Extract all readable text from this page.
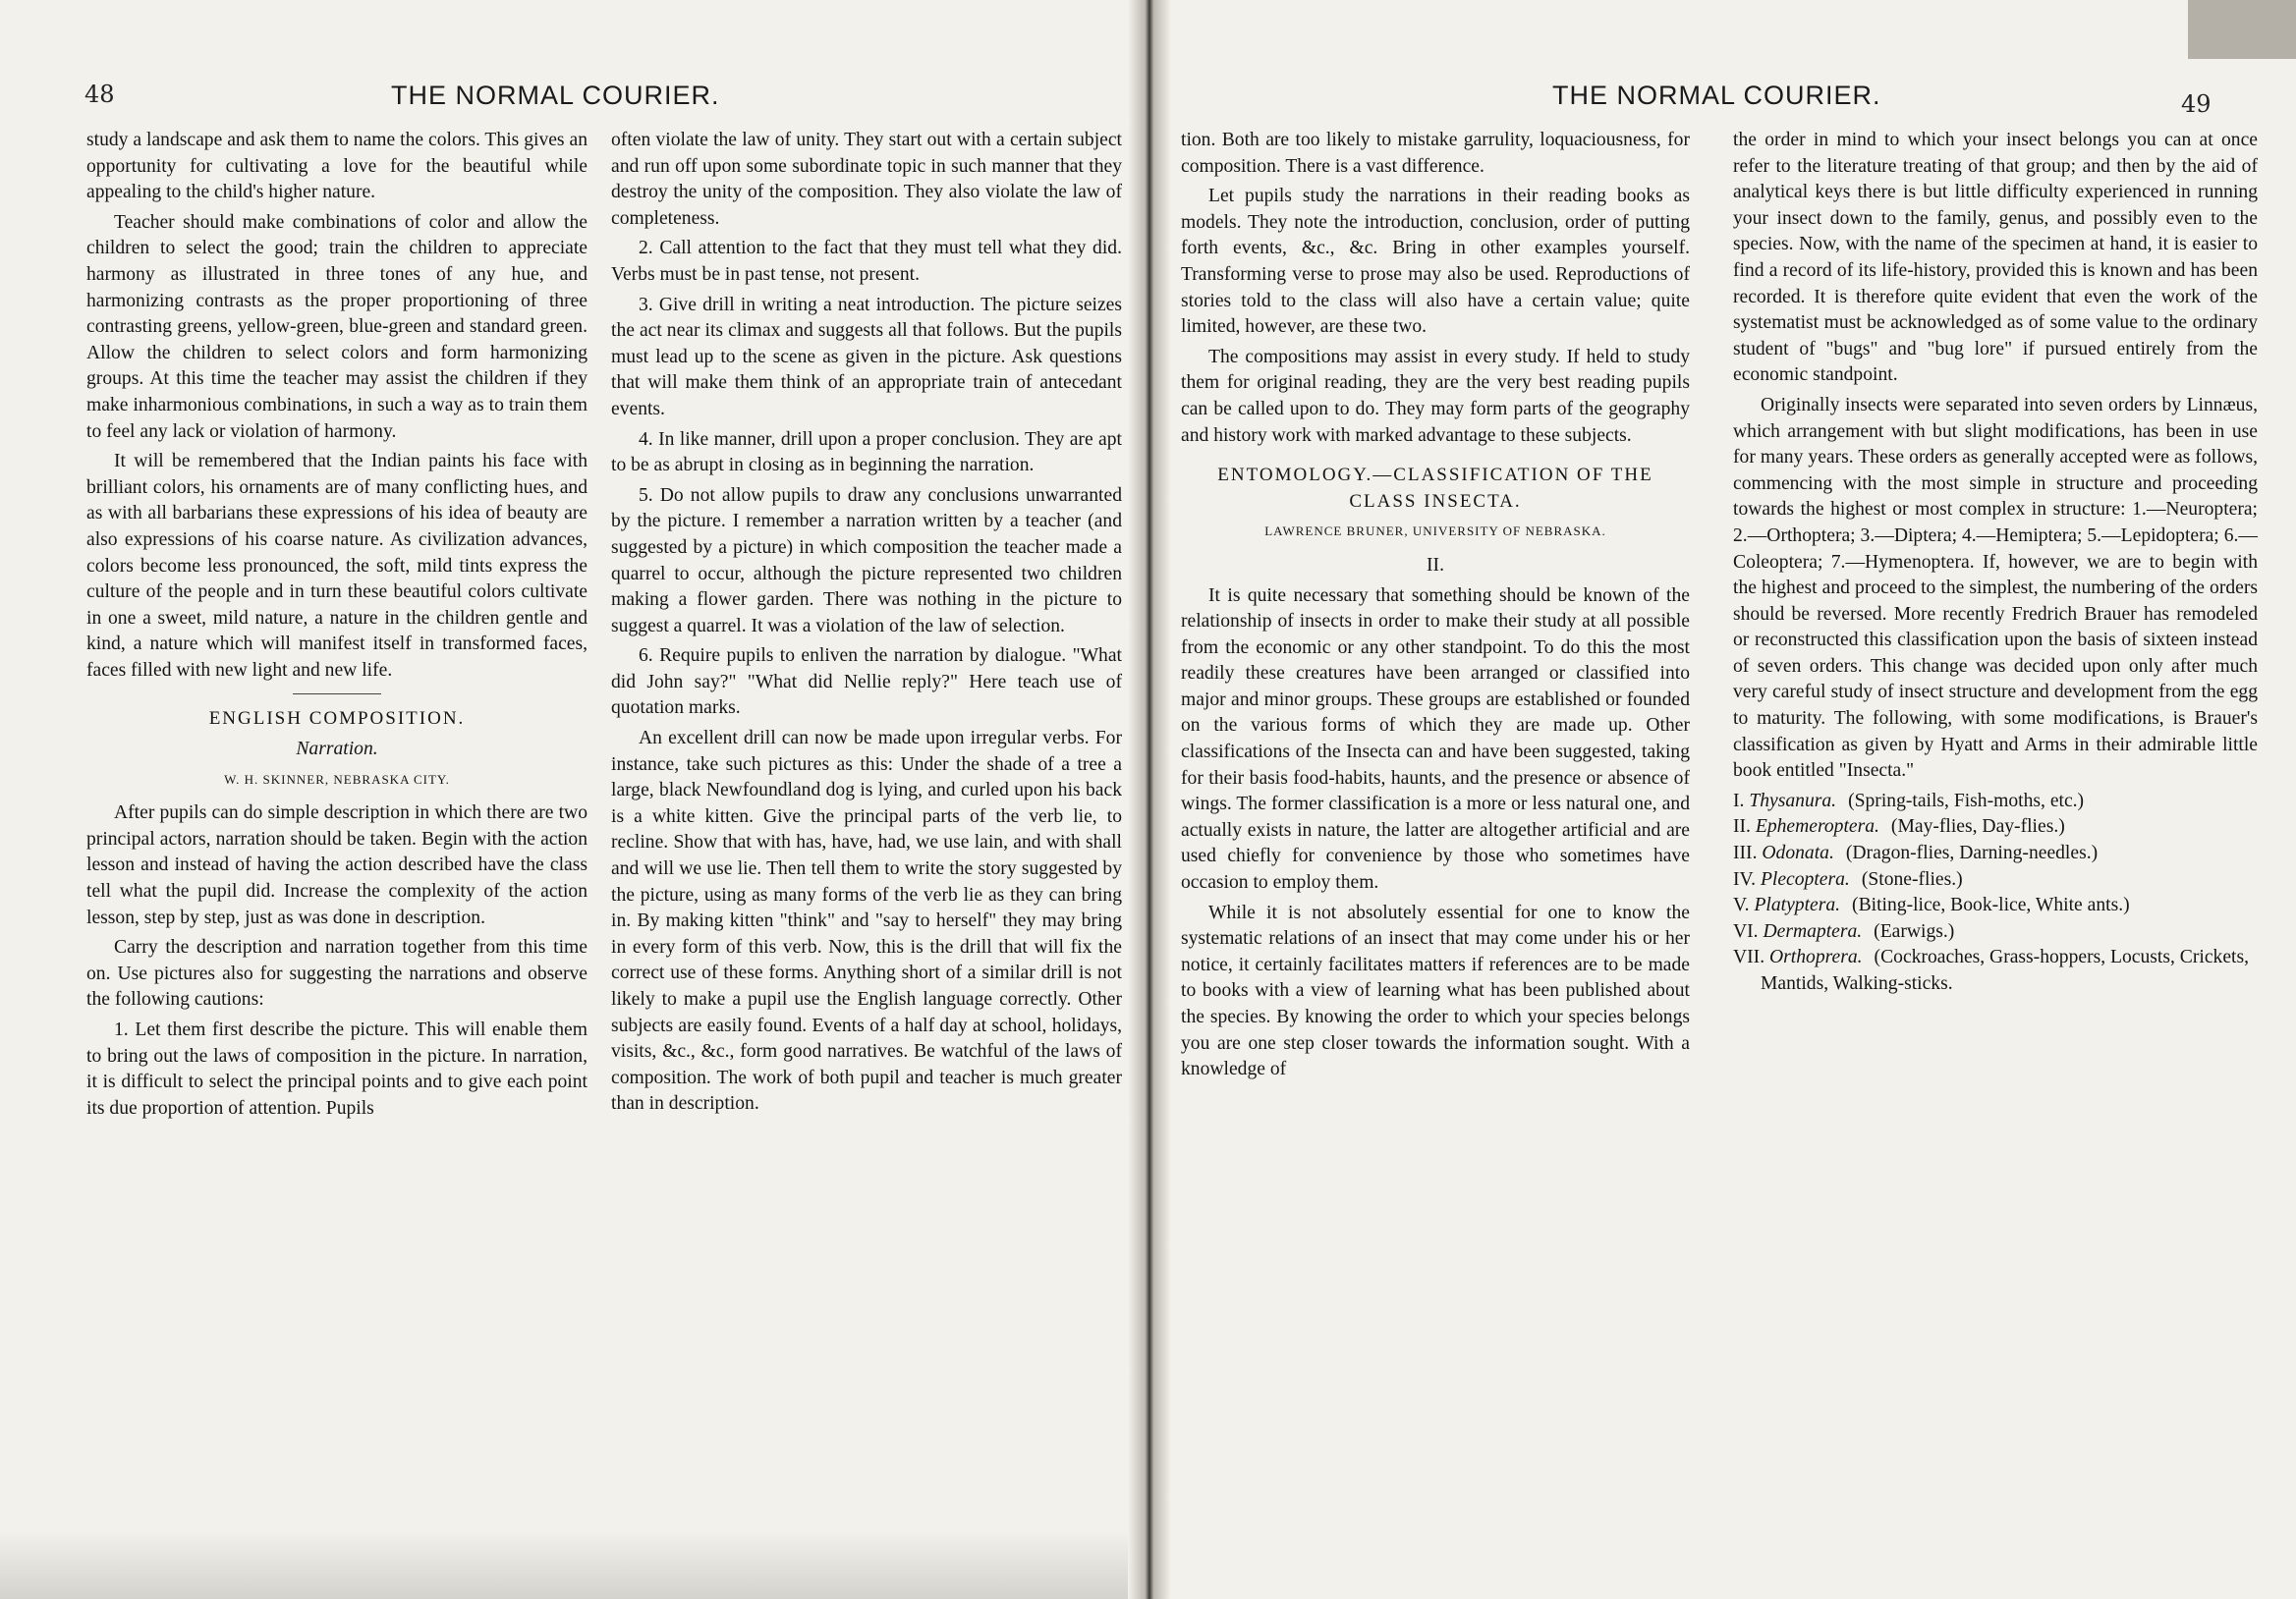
48	THE NORMAL COURIER.

study a landscape and ask them to name the colors. This gives an opportunity for cultivating a love for the beautiful while appealing to the child's higher nature.

Teacher should make combinations of color and allow the children to select the good; train the children to appreciate harmony as illustrated in three tones of any hue, and harmonizing contrasts as the proper proportioning of three contrasting greens, yellow-green, blue-green and standard green. Allow the children to select colors and form harmonizing groups. At this time the teacher may assist the children if they make inharmonious combinations, in such a way as to train them to feel any lack or violation of harmony.

It will be remembered that the Indian paints his face with brilliant colors, his ornaments are of many conflicting hues, and as with all barbarians these expressions of his idea of beauty are also expressions of his coarse nature. As civilization advances, colors become less pronounced, the soft, mild tints express the culture of the people and in turn these beautiful colors cultivate in one a sweet, mild nature, a nature in the children gentle and kind, a nature which will manifest itself in transformed faces, faces filled with new light and new life.

ENGLISH COMPOSITION.
Narration.
W. H. SKINNER, NEBRASKA CITY.

After pupils can do simple description in which there are two principal actors, narration should be taken. Begin with the action lesson and instead of having the action described have the class tell what the pupil did. Increase the complexity of the action lesson, step by step, just as was done in description.

Carry the description and narration together from this time on. Use pictures also for suggesting the narrations and observe the following cautions:

1. Let them first describe the picture. This will enable them to bring out the laws of composition in the picture. In narration, it is difficult to select the principal points and to give each point its due proportion of attention. Pupils

often violate the law of unity. They start out with a certain subject and run off upon some subordinate topic in such manner that they destroy the unity of the composition. They also violate the law of completeness.

2. Call attention to the fact that they must tell what they did. Verbs must be in past tense, not present.

3. Give drill in writing a neat introduction. The picture seizes the act near its climax and suggests all that follows. But the pupils must lead up to the scene as given in the picture. Ask questions that will make them think of an appropriate train of antecedant events.

4. In like manner, drill upon a proper conclusion. They are apt to be as abrupt in closing as in beginning the narration.

5. Do not allow pupils to draw any conclusions unwarranted by the picture. I remember a narration written by a teacher (and suggested by a picture) in which composition the teacher made a quarrel to occur, although the picture represented two children making a flower garden. There was nothing in the picture to suggest a quarrel. It was a violation of the law of selection.

6. Require pupils to enliven the narration by dialogue. "What did John say?" "What did Nellie reply?" Here teach use of quotation marks.

An excellent drill can now be made upon irregular verbs. For instance, take such pictures as this: Under the shade of a tree a large, black Newfoundland dog is lying, and curled upon his back is a white kitten. Give the principal parts of the verb lie, to recline. Show that with has, have, had, we use lain, and with shall and will we use lie. Then tell them to write the story suggested by the picture, using as many forms of the verb lie as they can bring in. By making kitten "think" and "say to herself" they may bring in every form of this verb. Now, this is the drill that will fix the correct use of these forms. Anything short of a similar drill is not likely to make a pupil use the English language correctly. Other subjects are easily found. Events of a half day at school, holidays, visits, &c., &c., form good narratives. Be watchful of the laws of composition. The work of both pupil and teacher is much greater than in description.

THE NORMAL COURIER.	49

tion. Both are too likely to mistake garrulity, loquaciousness, for composition. There is a vast difference.

Let pupils study the narrations in their reading books as models. They note the introduction, conclusion, order of putting forth events, &c., &c. Bring in other examples yourself. Transforming verse to prose may also be used. Reproductions of stories told to the class will also have a certain value; quite limited, however, are these two.

The compositions may assist in every study. If held to study them for original reading, they are the very best reading pupils can be called upon to do. They may form parts of the geography and history work with marked advantage to these subjects.

ENTOMOLOGY.—CLASSIFICATION OF THE CLASS INSECTA.
LAWRENCE BRUNER, UNIVERSITY OF NEBRASKA.
II.

It is quite necessary that something should be known of the relationship of insects in order to make their study at all possible from the economic or any other standpoint. To do this the most readily these creatures have been arranged or classified into major and minor groups. These groups are established or founded on the various forms of which they are made up. Other classifications of the Insecta can and have been suggested, taking for their basis food-habits, haunts, and the presence or absence of wings. The former classification is a more or less natural one, and actually exists in nature, the latter are altogether artificial and are used chiefly for convenience by those who sometimes have occasion to employ them.

While it is not absolutely essential for one to know the systematic relations of an insect that may come under his or her notice, it certainly facilitates matters if references are to be made to books with a view of learning what has been published about the species. By knowing the order to which your species belongs you are one step closer towards the information sought. With a knowledge of

the order in mind to which your insect belongs you can at once refer to the literature treating of that group; and then by the aid of analytical keys there is but little difficulty experienced in running your insect down to the family, genus, and possibly even to the species. Now, with the name of the specimen at hand, it is easier to find a record of its life-history, provided this is known and has been recorded. It is therefore quite evident that even the work of the systematist must be acknowledged as of some value to the ordinary student of "bugs" and "bug lore" if pursued entirely from the economic standpoint.

Originally insects were separated into seven orders by Linnæus, which arrangement with but slight modifications, has been in use for many years. These orders as generally accepted were as follows, commencing with the most simple in structure and proceeding towards the highest or most complex in structure: 1.—Neuroptera; 2.—Orthoptera; 3.—Diptera; 4.—Hemiptera; 5.—Lepidoptera; 6.—Coleoptera; 7.—Hymenoptera. If, however, we are to begin with the highest and proceed to the simplest, the numbering of the orders should be reversed. More recently Fredrich Brauer has remodeled or reconstructed this classification upon the basis of sixteen instead of seven orders. This change was decided upon only after much very careful study of insect structure and development from the egg to maturity. The following, with some modifications, is Brauer's classification as given by Hyatt and Arms in their admirable little book entitled "Insecta."

I. Thysanura. (Spring-tails, Fish-moths, etc.)
II. Ephemeroptera. (May-flies, Day-flies.)
III. Odonata. (Dragon-flies, Darning-needles.)
IV. Plecoptera. (Stone-flies.)
V. Platyptera. (Biting-lice, Book-lice, White ants.)
VI. Dermaptera. (Earwigs.)
VII. Orthoprera. (Cockroaches, Grass-hoppers, Locusts, Crickets, Mantids, Walking-sticks.
